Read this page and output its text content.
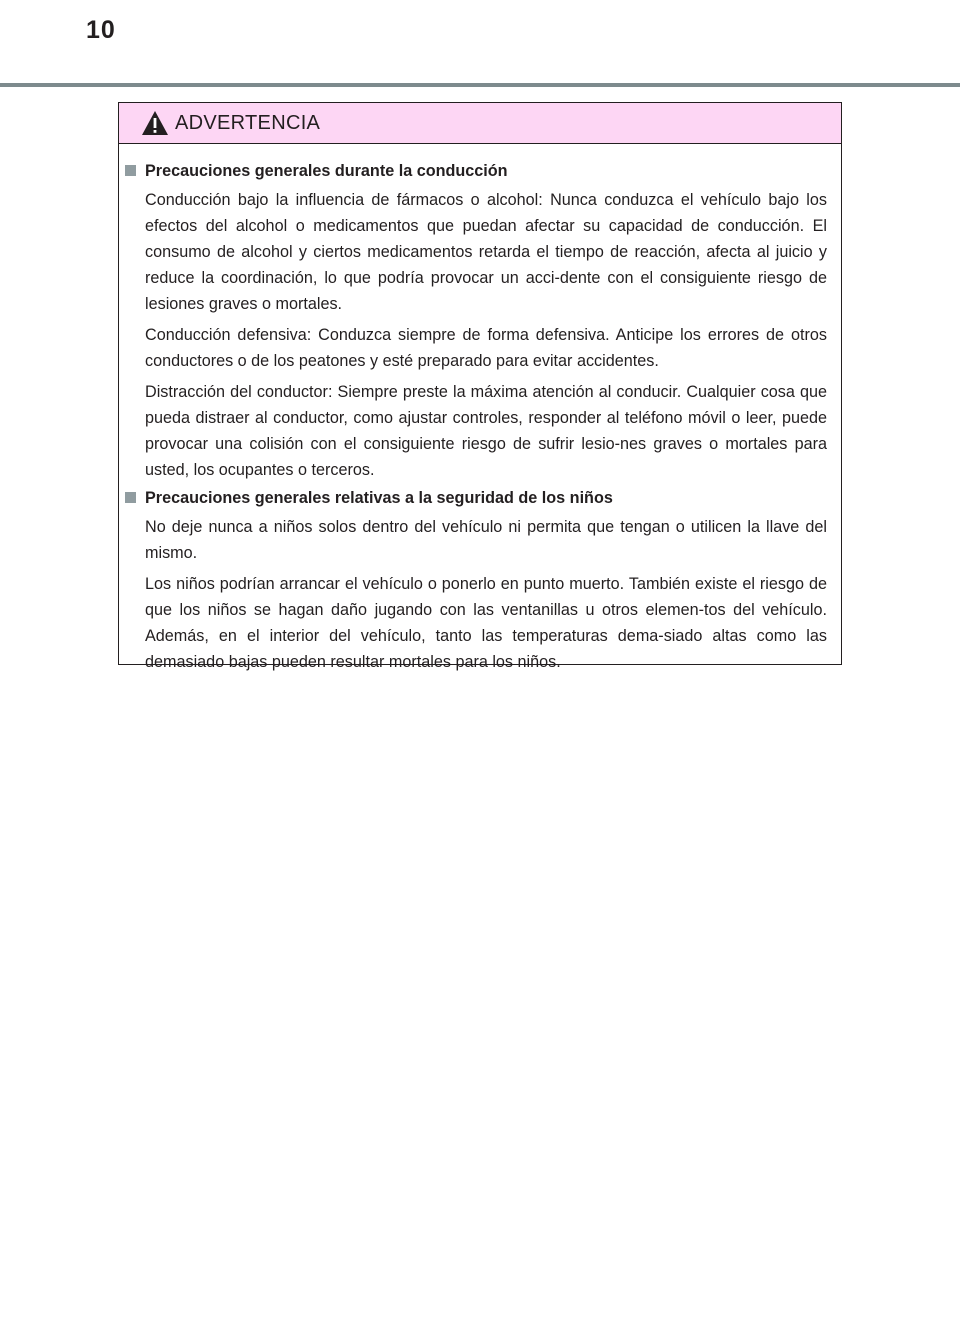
10
ADVERTENCIA
Precauciones generales durante la conducción
Conducción bajo la influencia de fármacos o alcohol: Nunca conduzca el vehículo bajo los efectos del alcohol o medicamentos que puedan afectar su capacidad de conducción. El consumo de alcohol y ciertos medicamentos retarda el tiempo de reacción, afecta al juicio y reduce la coordinación, lo que podría provocar un acci-dente con el consiguiente riesgo de lesiones graves o mortales.
Conducción defensiva: Conduzca siempre de forma defensiva. Anticipe los errores de otros conductores o de los peatones y esté preparado para evitar accidentes.
Distracción del conductor: Siempre preste la máxima atención al conducir. Cualquier cosa que pueda distraer al conductor, como ajustar controles, responder al teléfono móvil o leer, puede provocar una colisión con el consiguiente riesgo de sufrir lesio-nes graves o mortales para usted, los ocupantes o terceros.
Precauciones generales relativas a la seguridad de los niños
No deje nunca a niños solos dentro del vehículo ni permita que tengan o utilicen la llave del mismo.
Los niños podrían arrancar el vehículo o ponerlo en punto muerto. También existe el riesgo de que los niños se hagan daño jugando con las ventanillas u otros elemen-tos del vehículo. Además, en el interior del vehículo, tanto las temperaturas dema-siado altas como las demasiado bajas pueden resultar mortales para los niños.
